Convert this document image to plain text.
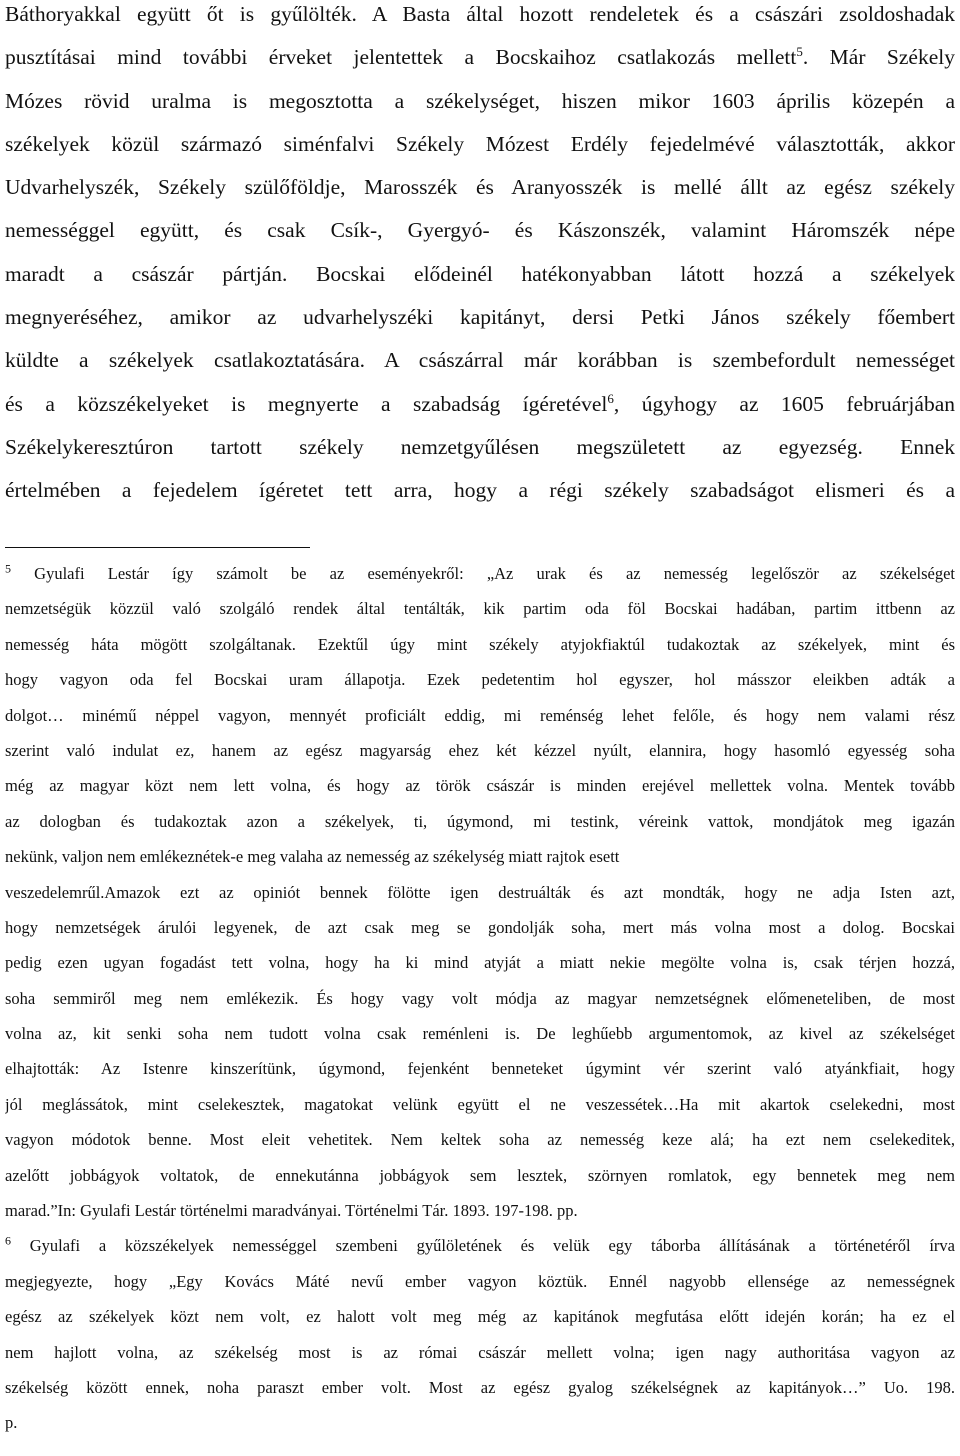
Báthoryakkal együtt őt is gyűlölték. A Basta által hozott rendeletek és a császári zsoldoshadak
pusztításai mind további érveket jelentettek a Bocskaihoz csatlakozás mellett$^5$. Már Székely
Mózes rövid uralma is megosztotta a székelységet, hiszen mikor 1603 április közepén a
székelyek közül származó siménfalvi Székely Mózest Erdély fejedelmévé választották, akkor
Udvarhelyszék, Székely szülőföldje, Marosszék és Aranyosszék is mellé állt az egész székely
nemességgel együtt, és csak Csík-, Gyergyó- és Kászonszék, valamint Háromszék népe
maradt a császár pártján. Bocskai elődeinél hatékonyabban látott hozzá a székelyek
megnyeréséhez, amikor az udvarhelyszéki kapitányt, dersi Petki János székely főembert
küldte a székelyek csatlakoztatására. A császárral már korábban is szembefordult nemességet
és a közszékelyeket is megnyerte a szabadság ígéretével$^6$, úgyhogy az 1605 februárjában
Székelykeresztúron tartott székely nemzetgyűlésen megszületett az egyezség. Ennek
értelmében a fejedelem ígéretet tett arra, hogy a régi székely szabadságot elismeri és a
$^5$ Gyulafi Lestár így számolt be az eseményekről: „Az urak és az nemesség legelőször az székelséget
nemzetségük közzül való szolgáló rendek által tentálták, kik partim oda föl Bocskai hadában, partim ittbenn az
nemesség háta mögött szolgáltanak. Ezektűl úgy mint székely atyjokfiaktúl tudakoztak az székelyek, mint és
hogy vagyon oda fel Bocskai uram állapotja. Ezek pedetentim hol egyszer, hol másszor eleikben adták a
dolgot… minémű néppel vagyon, mennyét proficiált eddig, mi reménség lehet felőle, és hogy nem valami rész
szerint való indulat ez, hanem az egész magyarság ehez két kézzel nyúlt, elannira, hogy hasomló egyesség soha
még az magyar közt nem lett volna, és hogy az török császár is minden erejével mellettek volna. Mentek tovább
az dologban és tudakoztak azon a székelyek, ti, úgymond, mi testink, véreink vattok, mondjátok meg igazán
nekünk, valjon nem emlékeznétek-e meg valaha az nemesség az székelység miatt rajtok esett
veszedelemrűl.Amazok ezt az opiniót bennek fölötte igen destruálták és azt mondták, hogy ne adja Isten azt,
hogy nemzetségek árulói legyenek, de azt csak meg se gondolják soha, mert más volna most a dolog. Bocskai
pedig ezen ugyan fogadást tett volna, hogy ha ki mind atyját a miatt nekie megölte volna is, csak térjen hozzá,
soha semmiről meg nem emlékezik. És hogy vagy volt módja az magyar nemzetségnek előmeneteliben, de most
volna az, kit senki soha nem tudott volna csak reménleni is. De leghűebb argumentomok, az kivel az székelséget
elhajtották: Az Istenre kinszerítünk, úgymond, fejenként benneteket úgymint vér szerint való atyánkfiait, hogy
jól meglássátok, mint cselekesztek, magatokat velünk együtt el ne veszessétek…Ha mit akartok cselekedni, most
vagyon módotok benne. Most eleit vehetitek. Nem keltek soha az nemesség keze alá; ha ezt nem cselekeditek,
azelőtt jobbágyok voltatok, de ennekutánna jobbágyok sem lesztek, szörnyen romlatok, egy bennetek meg nem
marad.”In: Gyulafi Lestár történelmi maradványai. Történelmi Tár. 1893. 197-198. pp.
$^6$ Gyulafi a közszékelyek nemességgel szembeni gyűlöletének és velük egy táborba állításának a történetéről írva
megjegyezte, hogy „Egy Kovács Máté nevű ember vagyon köztük. Ennél nagyobb ellensége az nemességnek
egész az székelyek közt nem volt, ez halott volt meg még az kapitánok megfutása előtt idején korán; ha ez el
nem hajlott volna, az székelség most is az római császár mellett volna; igen nagy authoritása vagyon az
székelség között ennek, noha paraszt ember volt. Most az egész gyalog székelségnek az kapitányok…” Uo. 198.
p.
